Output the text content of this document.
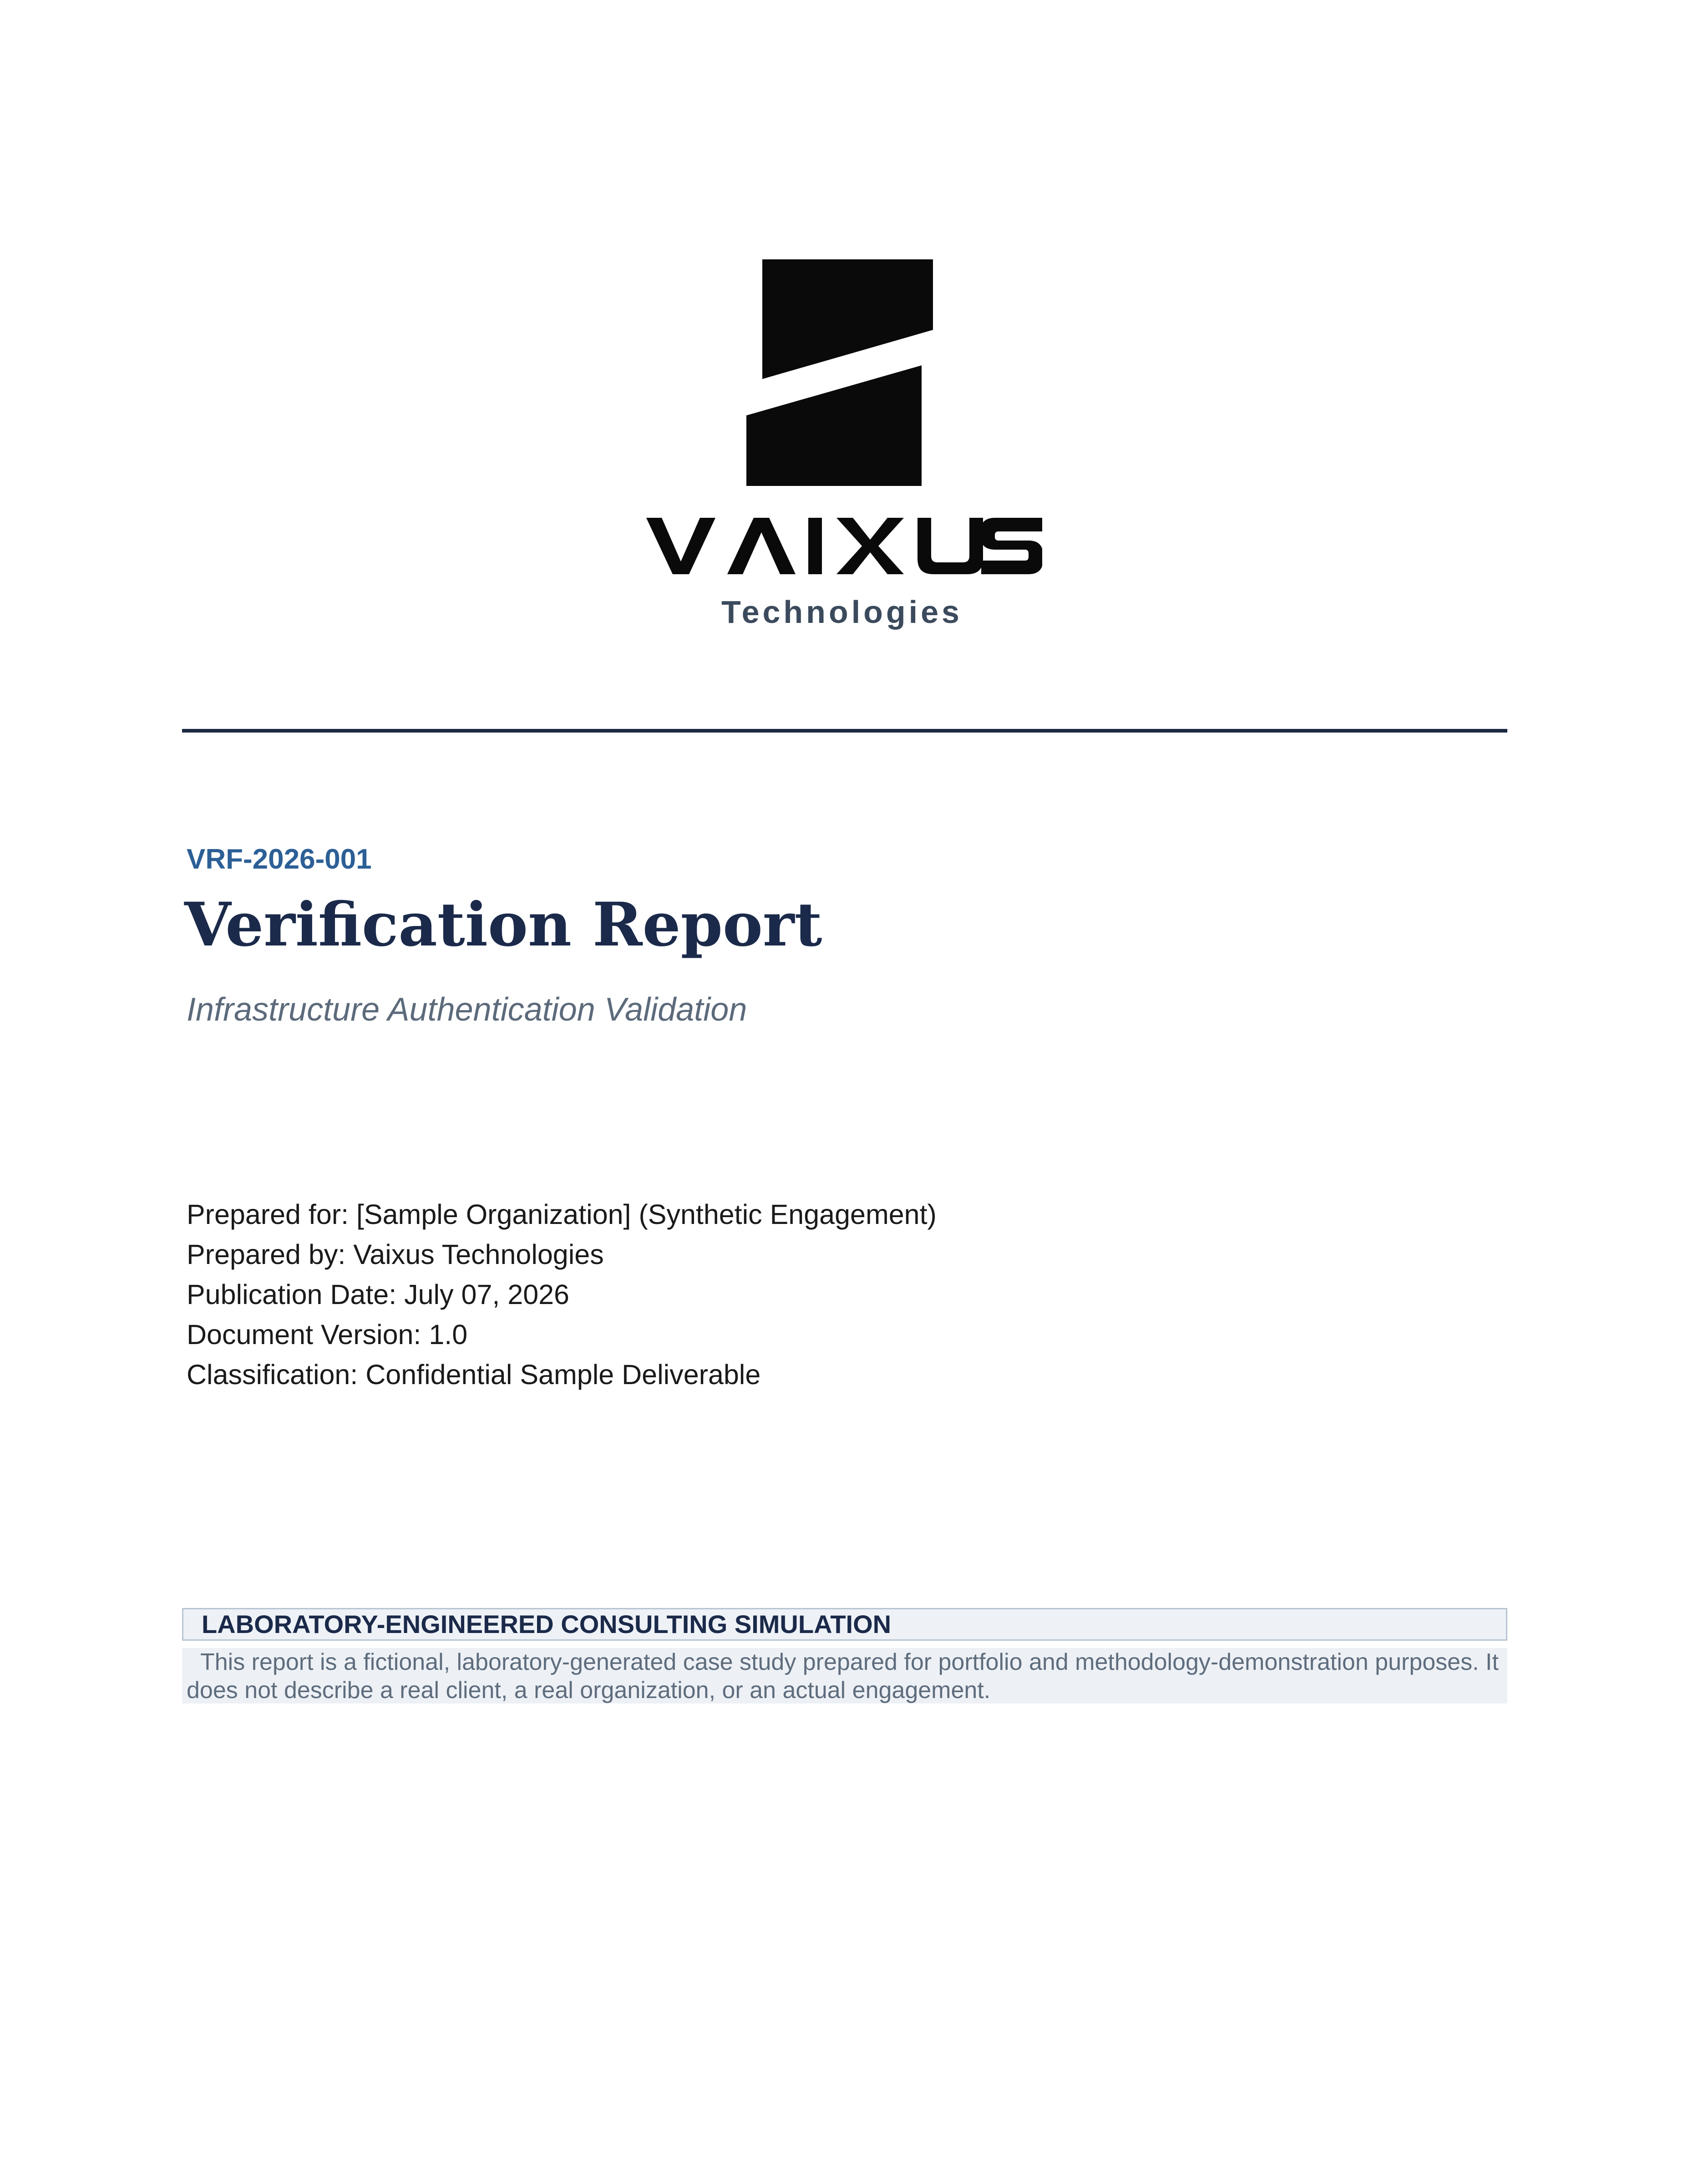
Technologies
VRF-2026-001
Verification Report
Infrastructure Authentication Validation
Prepared for: [Sample Organization] (Synthetic Engagement)
Prepared by: Vaixus Technologies
Publication Date: July 07, 2026
Document Version: 1.0
Classification: Confidential Sample Deliverable
LABORATORY-ENGINEERED CONSULTING SIMULATION

This report is a fictional, laboratory-generated case study prepared for portfolio and methodology-demonstration purposes. It does not describe a real client, a real organization, or an actual engagement.
